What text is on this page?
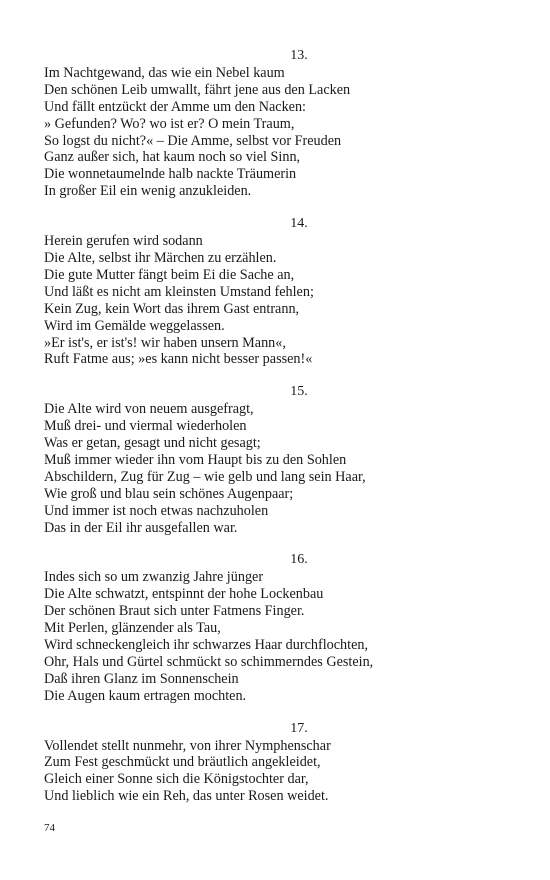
13.
Im Nachtgewand, das wie ein Nebel kaum
Den schönen Leib umwallt, fährt jene aus den Lacken
Und fällt entzückt der Amme um den Nacken:
» Gefunden? Wo? wo ist er? O mein Traum,
So logst du nicht?« – Die Amme, selbst vor Freuden
Ganz außer sich, hat kaum noch so viel Sinn,
Die wonnetaumelnde halb nackte Träumerin
In großer Eil ein wenig anzukleiden.
14.
Herein gerufen wird sodann
Die Alte, selbst ihr Märchen zu erzählen.
Die gute Mutter fängt beim Ei die Sache an,
Und läßt es nicht am kleinsten Umstand fehlen;
Kein Zug, kein Wort das ihrem Gast entrann,
Wird im Gemälde weggelassen.
»Er ist's, er ist's! wir haben unsern Mann«,
Ruft Fatme aus; »es kann nicht besser passen!«
15.
Die Alte wird von neuem ausgefragt,
Muß drei- und viermal wiederholen
Was er getan, gesagt und nicht gesagt;
Muß immer wieder ihn vom Haupt bis zu den Sohlen
Abschildern, Zug für Zug – wie gelb und lang sein Haar,
Wie groß und blau sein schönes Augenpaar;
Und immer ist noch etwas nachzuholen
Das in der Eil ihr ausgefallen war.
16.
Indes sich so um zwanzig Jahre jünger
Die Alte schwatzt, entspinnt der hohe Lockenbau
Der schönen Braut sich unter Fatmens Finger.
Mit Perlen, glänzender als Tau,
Wird schneckengleich ihr schwarzes Haar durchflochten,
Ohr, Hals und Gürtel schmückt so schimmerndes Gestein,
Daß ihren Glanz im Sonnenschein
Die Augen kaum ertragen mochten.
17.
Vollendet stellt nunmehr, von ihrer Nymphenschar
Zum Fest geschmückt und bräutlich angekleidet,
Gleich einer Sonne sich die Königstochter dar,
Und lieblich wie ein Reh, das unter Rosen weidet.
74
